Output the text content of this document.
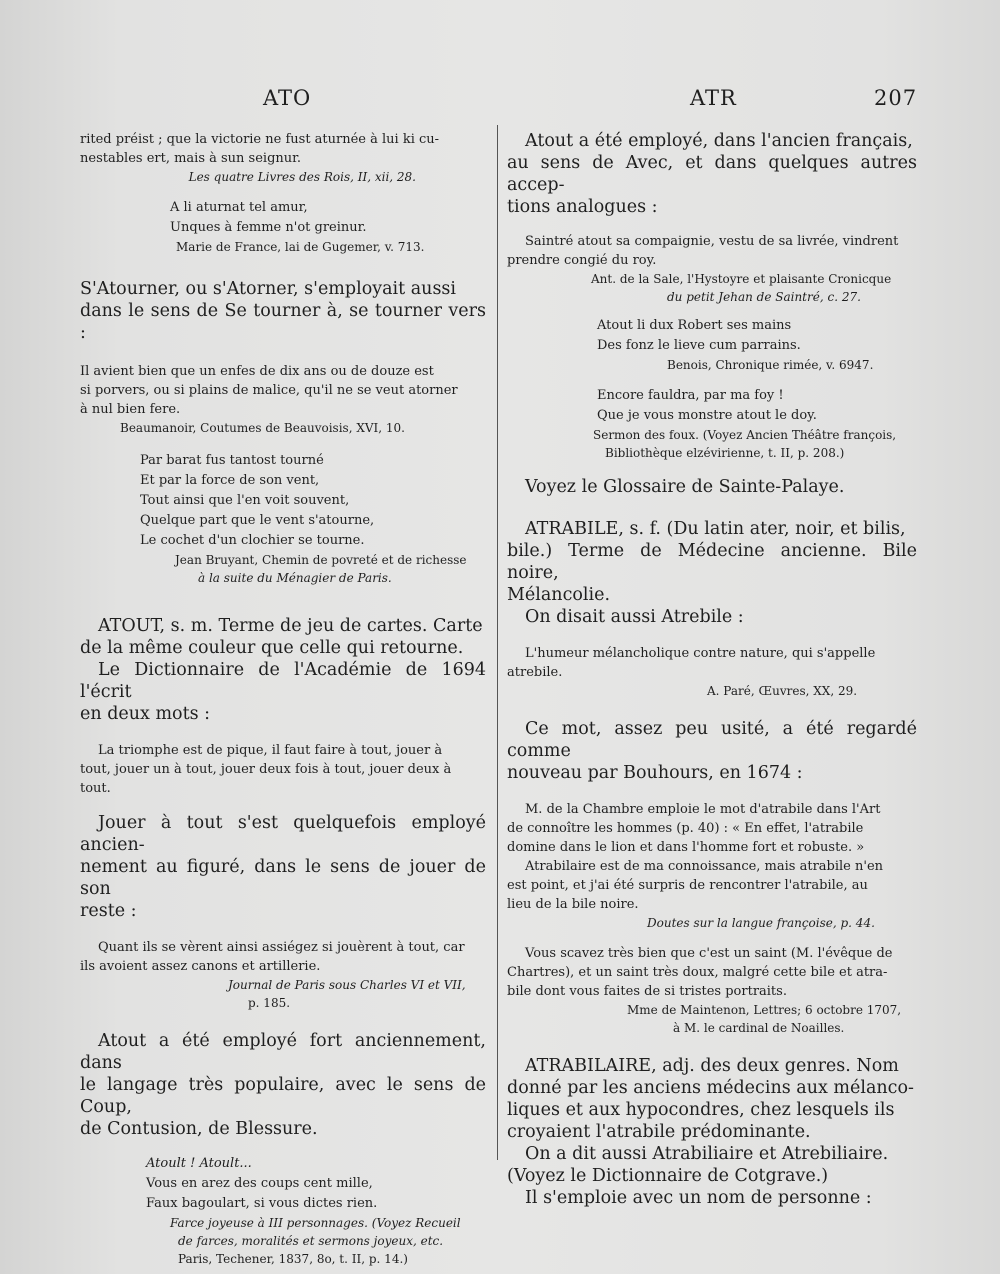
ATO	ATR	207

rited préist ; que la victorie ne fust aturnée à lui ki cu-

nestables ert, mais à sun seignur.

Les quatre Livres des Rois, II, xii, 28.

A li aturnat tel amur,

Unques à femme n'ot greinur.

Marie de France, lai de Gugemer, v. 713.

S'Atourner, ou s'Atorner, s'employait aussi

dans le sens de Se tourner à, se tourner vers :

Il avient bien que un enfes de dix ans ou de douze est

si porvers, ou si plains de malice, qu'il ne se veut atorner

à nul bien fere.

Beaumanoir, Coutumes de Beauvoisis, XVI, 10.

Par barat fus tantost tourné

Et par la force de son vent,

Tout ainsi que l'en voit souvent,

Quelque part que le vent s'atourne,

Le cochet d'un clochier se tourne.

Jean Bruyant, Chemin de povreté et de richesse

à la suite du Ménagier de Paris.

ATOUT, s. m. Terme de jeu de cartes. Carte

de la même couleur que celle qui retourne.

Le Dictionnaire de l'Académie de 1694 l'écrit

en deux mots :

La triomphe est de pique, il faut faire à tout, jouer à

tout, jouer un à tout, jouer deux fois à tout, jouer deux à

tout.

Jouer à tout s'est quelquefois employé ancien-

nement au figuré, dans le sens de jouer de son

reste :

Quant ils se vèrent ainsi assiégez si jouèrent à tout, car

ils avoient assez canons et artillerie.

Journal de Paris sous Charles VI et VII,

p. 185.

Atout a été employé fort anciennement, dans

le langage très populaire, avec le sens de Coup,

de Contusion, de Blessure.

Atoult ! Atoult...

Vous en arez des coups cent mille,

Faux bagoulart, si vous dictes rien.

Farce joyeuse à III personnages. (Voyez Recueil

de farces, moralités et sermons joyeux, etc.

Paris, Techener, 1837, 8o, t. II, p. 14.)

Atout a été employé, dans l'ancien français,

au sens de Avec, et dans quelques autres accep-

tions analogues :

Saintré atout sa compaignie, vestu de sa livrée, vindrent

prendre congié du roy.

Ant. de la Sale, l'Hystoyre et plaisante Cronicque

du petit Jehan de Saintré, c. 27.

Atout li dux Robert ses mains

Des fonz le lieve cum parrains.

Benois, Chronique rimée, v. 6947.

Encore fauldra, par ma foy !

Que je vous monstre atout le doy.

Sermon des foux. (Voyez Ancien Théâtre françois,

Bibliothèque elzévirienne, t. II, p. 208.)

Voyez le Glossaire de Sainte-Palaye.

ATRABILE, s. f. (Du latin ater, noir, et bilis,

bile.) Terme de Médecine ancienne. Bile noire,

Mélancolie.

On disait aussi Atrebile :

L'humeur mélancholique contre nature, qui s'appelle

atrebile.

A. Paré, Œuvres, XX, 29.

Ce mot, assez peu usité, a été regardé comme

nouveau par Bouhours, en 1674 :

M. de la Chambre emploie le mot d'atrabile dans l'Art

de connoître les hommes (p. 40) : « En effet, l'atrabile

domine dans le lion et dans l'homme fort et robuste. »

Atrabilaire est de ma connoissance, mais atrabile n'en

est point, et j'ai été surpris de rencontrer l'atrabile, au

lieu de la bile noire.

Doutes sur la langue françoise, p. 44.

Vous scavez très bien que c'est un saint (M. l'évêque de

Chartres), et un saint très doux, malgré cette bile et atra-

bile dont vous faites de si tristes portraits.

Mme de Maintenon, Lettres; 6 octobre 1707,

à M. le cardinal de Noailles.

ATRABILAIRE, adj. des deux genres. Nom

donné par les anciens médecins aux mélanco-

liques et aux hypocondres, chez lesquels ils

croyaient l'atrabile prédominante.

On a dit aussi Atrabiliaire et Atrebiliaire.

(Voyez le Dictionnaire de Cotgrave.)

Il s'emploie avec un nom de personne :
